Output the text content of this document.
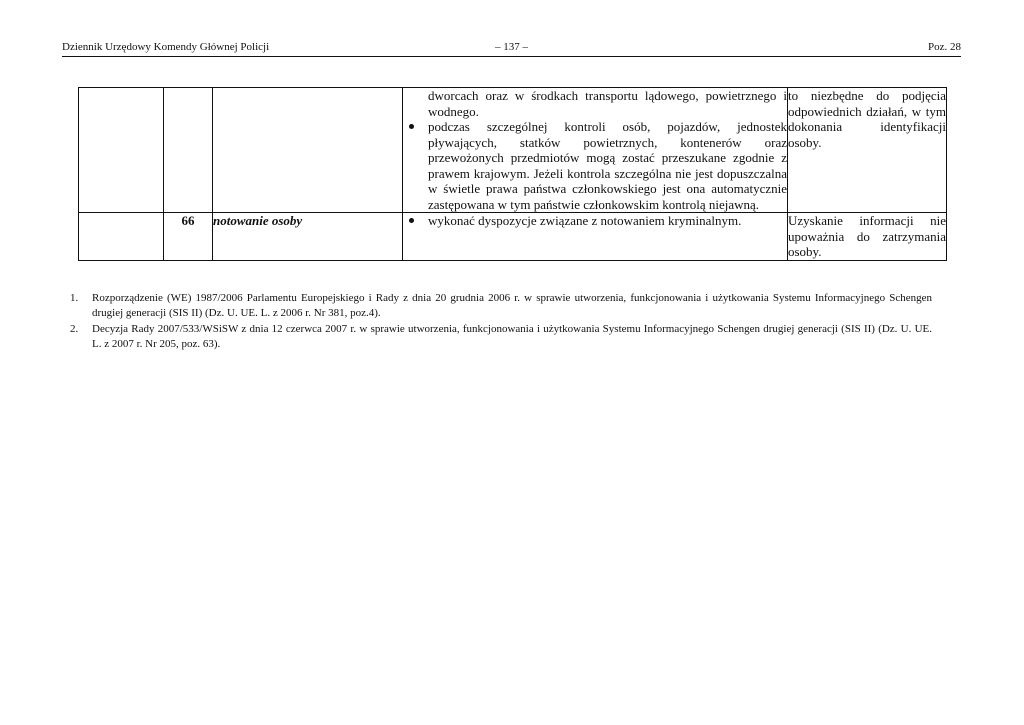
Dziennik Urzędowy Komendy Głównej Policji	– 137 –	Poz. 28

			dworcach oraz w środkach transportu lądowego, powietrznego i wodnego.
podczas szczególnej kontroli osób, pojazdów, jednostek pływających, statków powietrznych, kontenerów oraz przewożonych przedmiotów mogą zostać przeszukane zgodnie z prawem krajowym. Jeżeli kontrola szczególna nie jest dopuszczalna w świetle prawa państwa członkowskiego jest ona automatycznie zastępowana w tym państwie członkowskim kontrolą niejawną.	to niezbędne do podjęcia odpowiednich działań, w tym dokonania identyfikacji osoby.
	66	notowanie osoby	wykonać dyspozycje związane z notowaniem kryminalnym.	Uzyskanie informacji nie upoważnia do zatrzymania osoby.
1. Rozporządzenie (WE) 1987/2006 Parlamentu Europejskiego i Rady z dnia 20 grudnia 2006 r. w sprawie utworzenia, funkcjonowania i użytkowania Systemu Informacyjnego Schengen drugiej generacji (SIS II) (Dz. U. UE. L. z 2006 r. Nr 381, poz.4).
2. Decyzja Rady 2007/533/WSiSW z dnia 12 czerwca 2007 r. w sprawie utworzenia, funkcjonowania i użytkowania Systemu Informacyjnego Schengen drugiej generacji (SIS II) (Dz. U. UE. L. z 2007 r. Nr 205, poz. 63).
